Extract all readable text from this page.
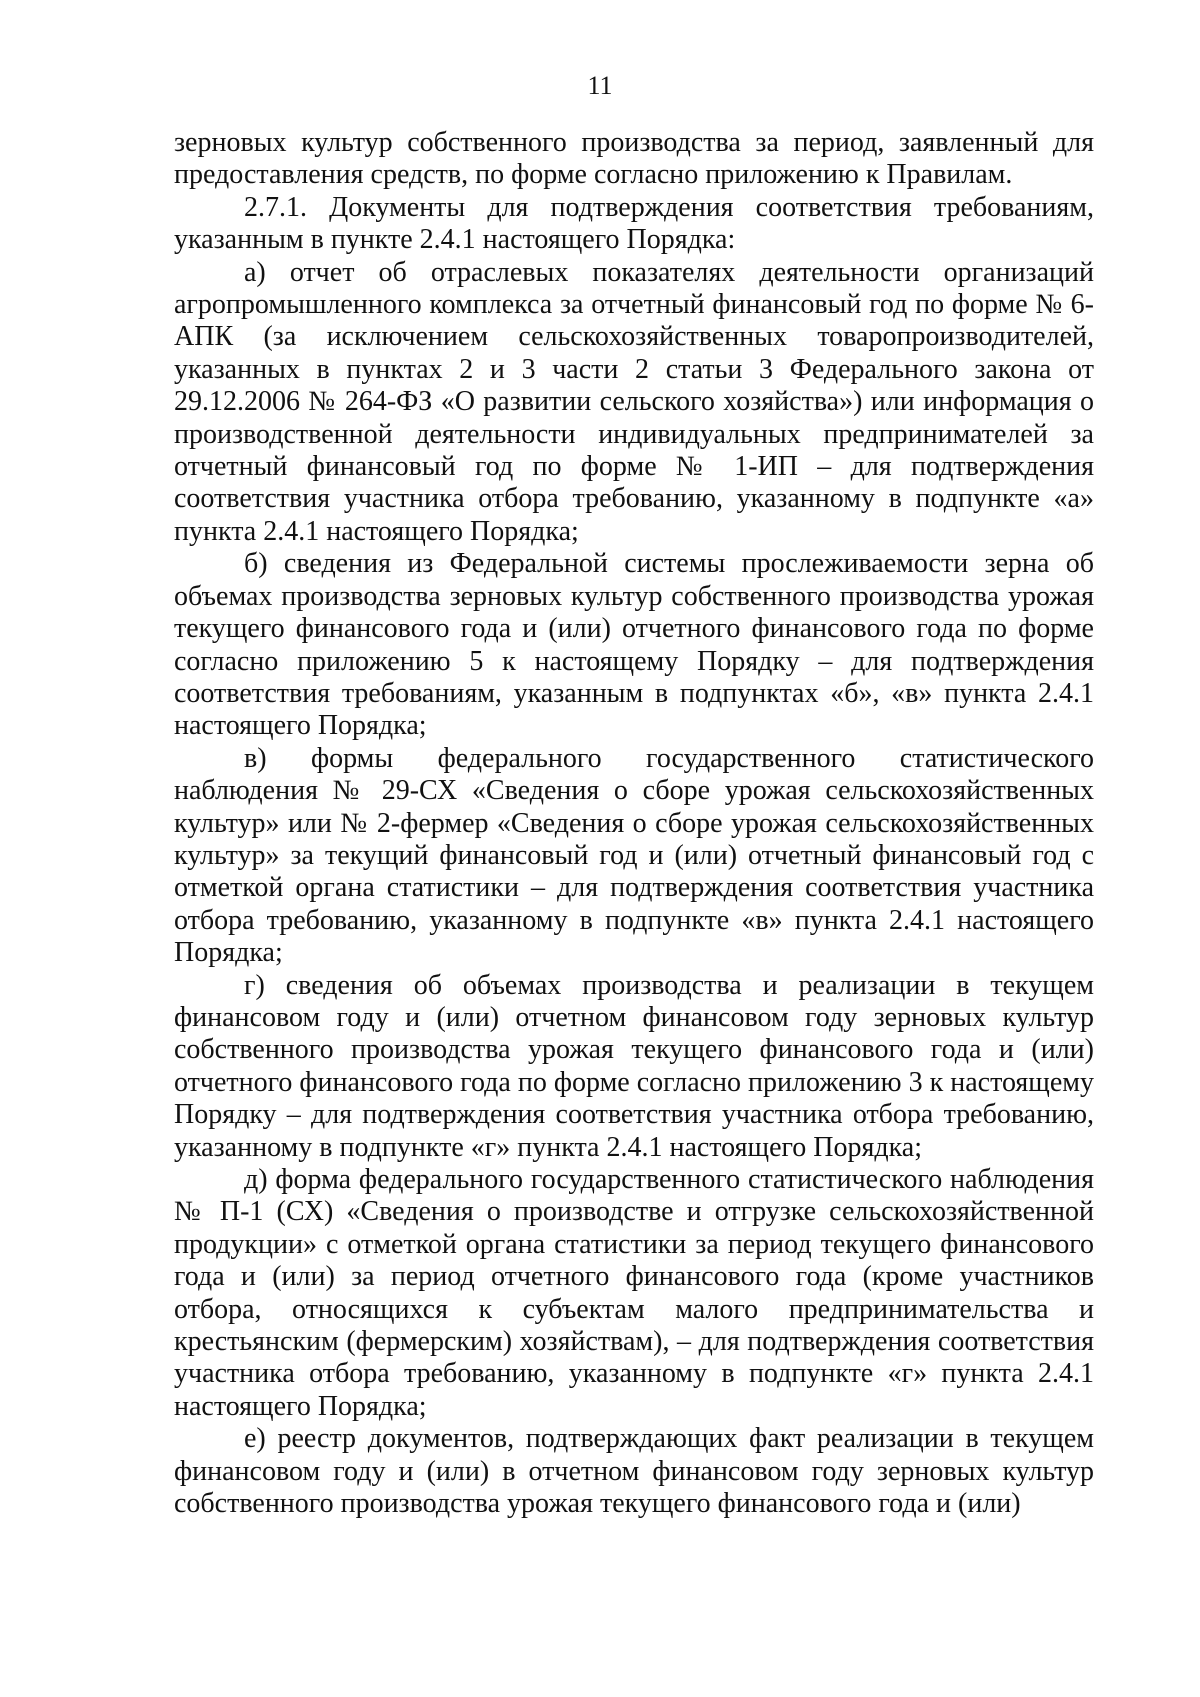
11

зерновых культур собственного производства за период, заявленный для предоставления средств, по форме согласно приложению к Правилам.

2.7.1. Документы для подтверждения соответствия требованиям, указанным в пункте 2.4.1 настоящего Порядка:

а) отчет об отраслевых показателях деятельности организаций агропромышленного комплекса за отчетный финансовый год по форме № 6-АПК (за исключением сельскохозяйственных товаропроизводителей, указанных в пунктах 2 и 3 части 2 статьи 3 Федерального закона от 29.12.2006 № 264-ФЗ «О развитии сельского хозяйства») или информация о производственной деятельности индивидуальных предпринимателей за отчетный финансовый год по форме № 1-ИП – для подтверждения соответствия участника отбора требованию, указанному в подпункте «а» пункта 2.4.1 настоящего Порядка;

б) сведения из Федеральной системы прослеживаемости зерна об объемах производства зерновых культур собственного производства урожая текущего финансового года и (или) отчетного финансового года по форме согласно приложению 5 к настоящему Порядку – для подтверждения соответствия требованиям, указанным в подпунктах «б», «в» пункта 2.4.1 настоящего Порядка;

в) формы федерального государственного статистического наблюдения № 29-СХ «Сведения о сборе урожая сельскохозяйственных культур» или № 2-фермер «Сведения о сборе урожая сельскохозяйственных культур» за текущий финансовый год и (или) отчетный финансовый год с отметкой органа статистики – для подтверждения соответствия участника отбора требованию, указанному в подпункте «в» пункта 2.4.1 настоящего Порядка;

г) сведения об объемах производства и реализации в текущем финансовом году и (или) отчетном финансовом году зерновых культур собственного производства урожая текущего финансового года и (или) отчетного финансового года по форме согласно приложению 3 к настоящему Порядку – для подтверждения соответствия участника отбора требованию, указанному в подпункте «г» пункта 2.4.1 настоящего Порядка;

д) форма федерального государственного статистического наблюдения № П-1 (СХ) «Сведения о производстве и отгрузке сельскохозяйственной продукции» с отметкой органа статистики за период текущего финансового года и (или) за период отчетного финансового года (кроме участников отбора, относящихся к субъектам малого предпринимательства и крестьянским (фермерским) хозяйствам), – для подтверждения соответствия участника отбора требованию, указанному в подпункте «г» пункта 2.4.1 настоящего Порядка;

е) реестр документов, подтверждающих факт реализации в текущем финансовом году и (или) в отчетном финансовом году зерновых культур собственного производства урожая текущего финансового года и (или)
